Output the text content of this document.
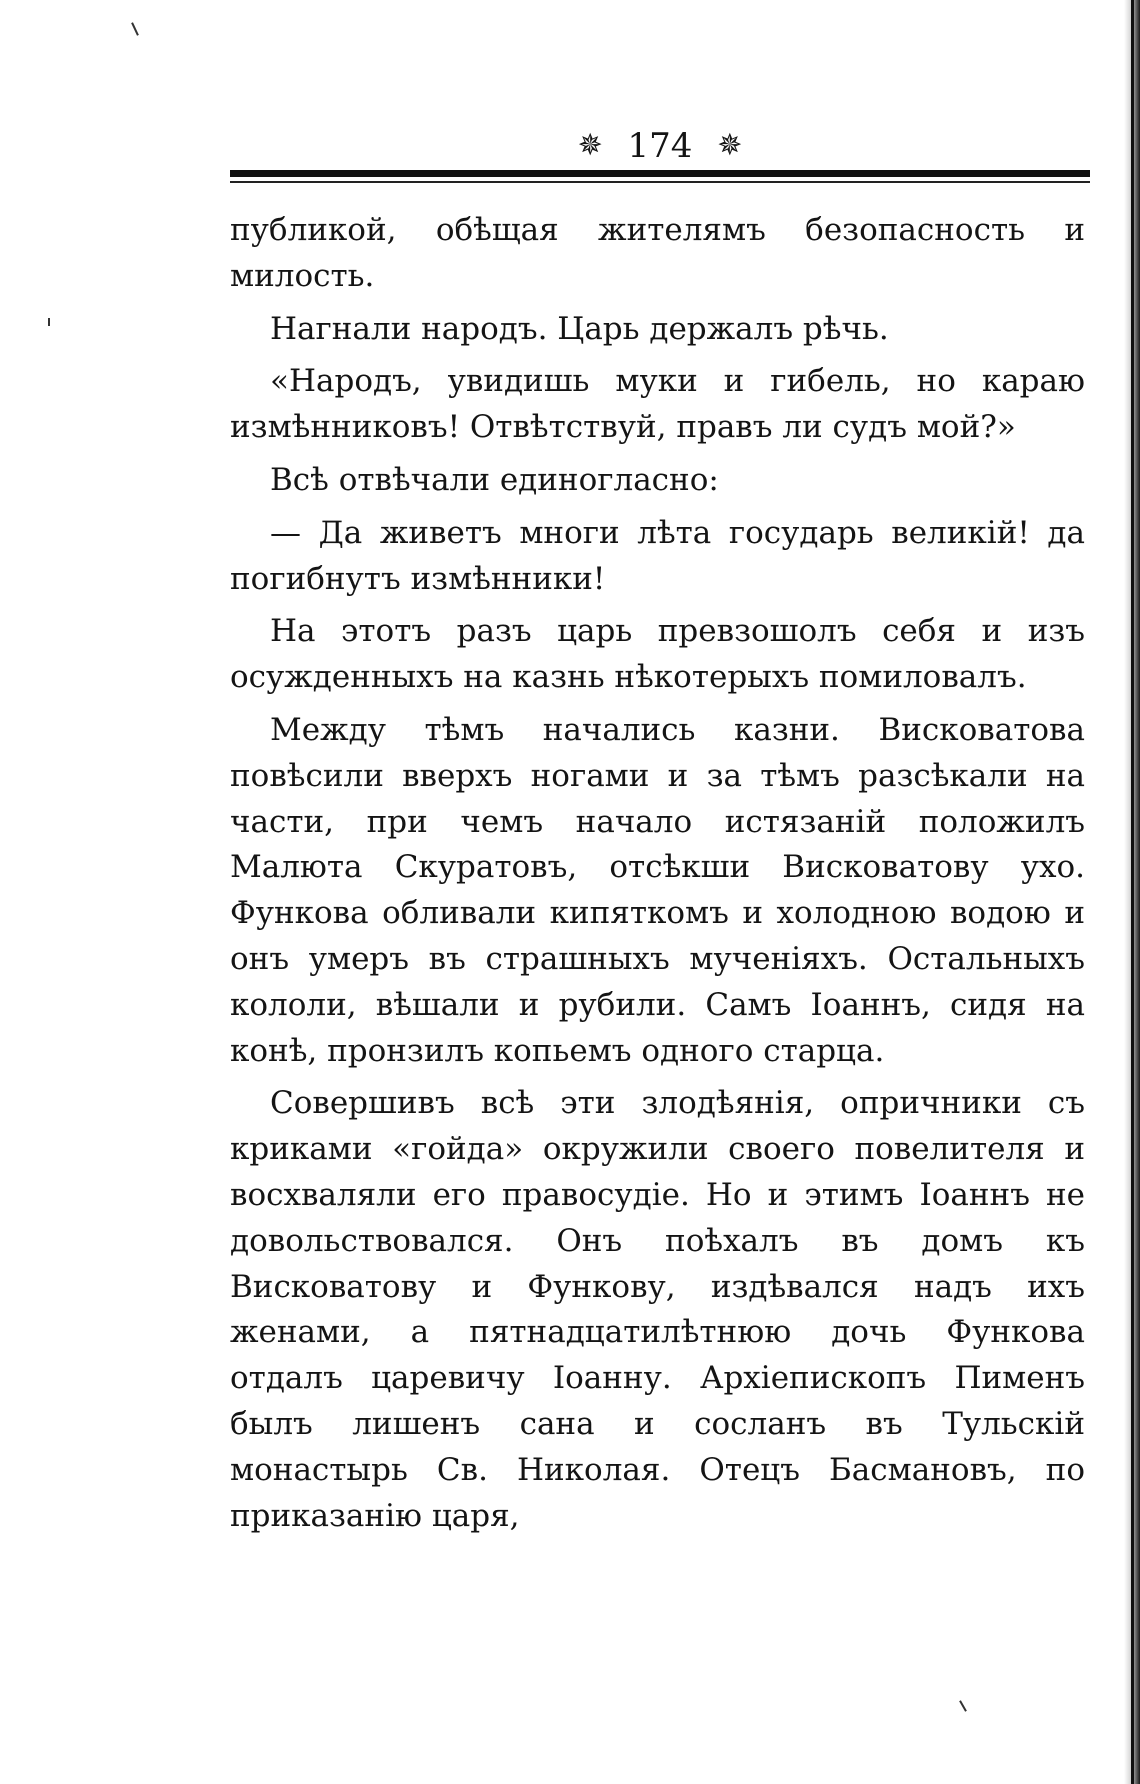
✵ 174 ✵

публикой, обѣщая жителямъ безопасность и милость.

Нагнали народъ. Царь держалъ рѣчь.

«Народъ, увидишь муки и гибель, но караю измѣнниковъ! Отвѣтствуй, правъ ли судъ мой?»

Всѣ отвѣчали единогласно:

— Да живетъ многи лѣта государь великій! да погибнутъ измѣнники!

На этотъ разъ царь превзошолъ себя и изъ осужденныхъ на казнь нѣкотерыхъ помиловалъ.

Между тѣмъ начались казни. Висковатова повѣсили вверхъ ногами и за тѣмъ разсѣкали на части, при чемъ начало истязаній положилъ Малюта Скуратовъ, отсѣкши Висковатову ухо. Функова обливали кипяткомъ и холодною водою и онъ умеръ въ страшныхъ мученіяхъ. Остальныхъ кололи, вѣшали и рубили. Самъ Іоаннъ, сидя на конѣ, пронзилъ копьемъ одного старца.

Совершивъ всѣ эти злодѣянія, опричники съ криками «гойда» окружили своего повелителя и восхваляли его правосудіе. Но и этимъ Іоаннъ не довольствовался. Онъ поѣхалъ въ домъ къ Висковатову и Функову, издѣвался надъ ихъ женами, а пятнадцатилѣтнюю дочь Функова отдалъ царевичу Іоанну. Архіепископъ Пименъ былъ лишенъ сана и сосланъ въ Тульскій монастырь Св. Николая. Отецъ Басмановъ, по приказанію царя,
